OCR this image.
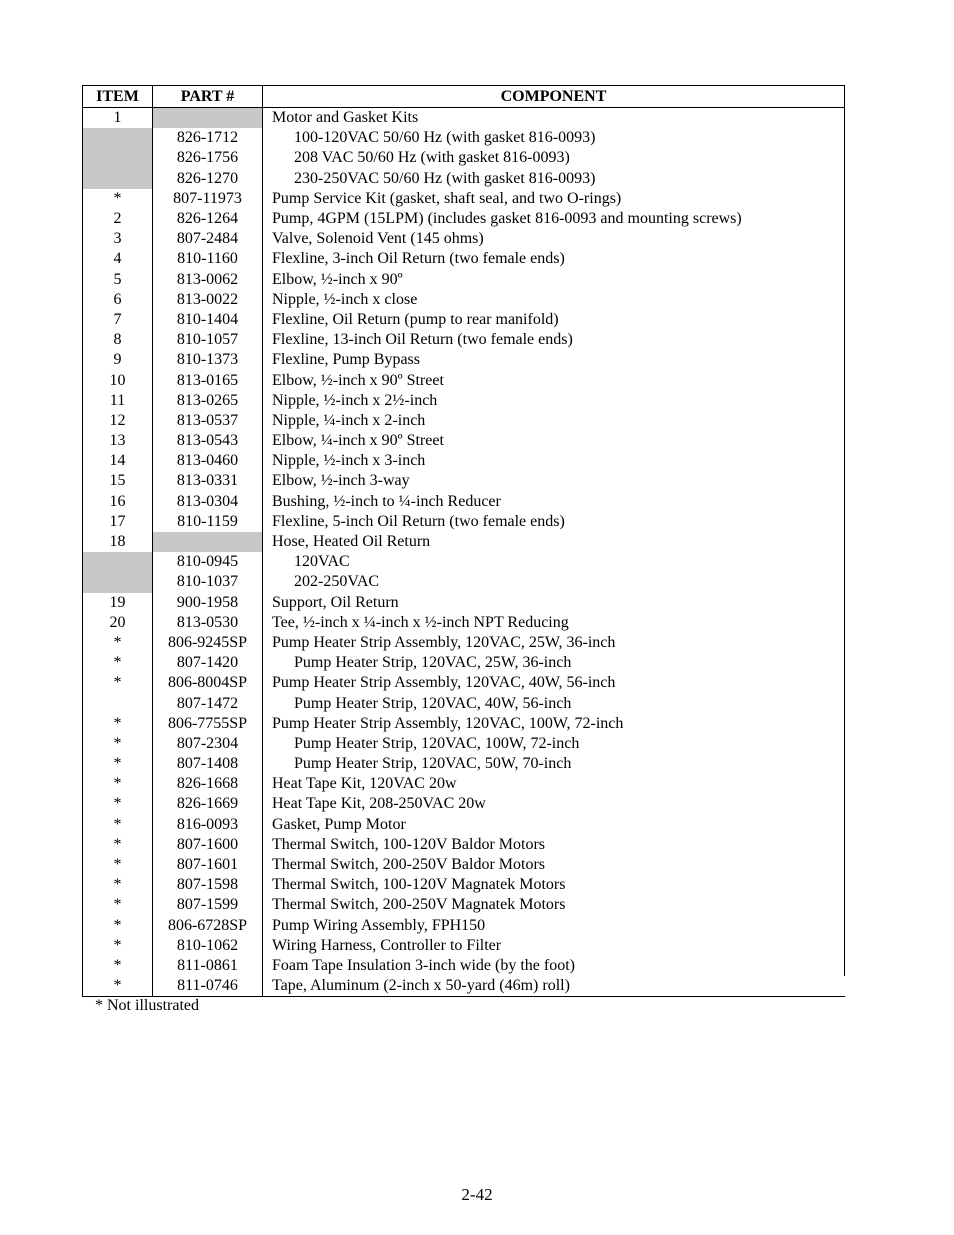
ITEM	PART #	COMPONENT
1		Motor and Gasket Kits
	826-1712	100-120VAC 50/60 Hz (with gasket 816-0093)
	826-1756	208 VAC 50/60 Hz (with gasket 816-0093)
	826-1270	230-250VAC 50/60 Hz (with gasket 816-0093)
*	807-11973	Pump Service Kit (gasket, shaft seal, and two O-rings)
2	826-1264	Pump, 4GPM (15LPM) (includes gasket 816-0093 and mounting screws)
3	807-2484	Valve, Solenoid Vent (145 ohms)
4	810-1160	Flexline, 3-inch Oil Return (two female ends)
5	813-0062	Elbow, ½-inch x 90º
6	813-0022	Nipple, ½-inch x close
7	810-1404	Flexline, Oil Return (pump to rear manifold)
8	810-1057	Flexline, 13-inch Oil Return (two female ends)
9	810-1373	Flexline, Pump Bypass
10	813-0165	Elbow, ½-inch x 90º Street
11	813-0265	Nipple, ½-inch x 2½-inch
12	813-0537	Nipple, ¼-inch x 2-inch
13	813-0543	Elbow, ¼-inch x 90º Street
14	813-0460	Nipple, ½-inch x 3-inch
15	813-0331	Elbow, ½-inch 3-way
16	813-0304	Bushing, ½-inch to ¼-inch Reducer
17	810-1159	Flexline, 5-inch Oil Return (two female ends)
18		Hose, Heated Oil Return
	810-0945	120VAC
	810-1037	202-250VAC
19	900-1958	Support, Oil Return
20	813-0530	Tee, ½-inch x ¼-inch x ½-inch NPT Reducing
*	806-9245SP	Pump Heater Strip Assembly, 120VAC, 25W, 36-inch
*	807-1420	Pump Heater Strip, 120VAC, 25W, 36-inch
*	806-8004SP	Pump Heater Strip Assembly, 120VAC, 40W, 56-inch
	807-1472	Pump Heater Strip, 120VAC, 40W, 56-inch
*	806-7755SP	Pump Heater Strip Assembly, 120VAC, 100W, 72-inch
*	807-2304	Pump Heater Strip, 120VAC, 100W, 72-inch
*	807-1408	Pump Heater Strip, 120VAC, 50W, 70-inch
*	826-1668	Heat Tape Kit, 120VAC 20w
*	826-1669	Heat Tape Kit, 208-250VAC 20w
*	816-0093	Gasket, Pump Motor
*	807-1600	Thermal Switch, 100-120V Baldor Motors
*	807-1601	Thermal Switch, 200-250V Baldor Motors
*	807-1598	Thermal Switch, 100-120V Magnatek Motors
*	807-1599	Thermal Switch, 200-250V Magnatek Motors
*	806-6728SP	Pump Wiring Assembly, FPH150
*	810-1062	Wiring Harness, Controller to Filter
*	811-0861	Foam Tape Insulation 3-inch wide (by the foot)
*	811-0746	Tape, Aluminum (2-inch x 50-yard (46m) roll)
* Not illustrated
2-42
